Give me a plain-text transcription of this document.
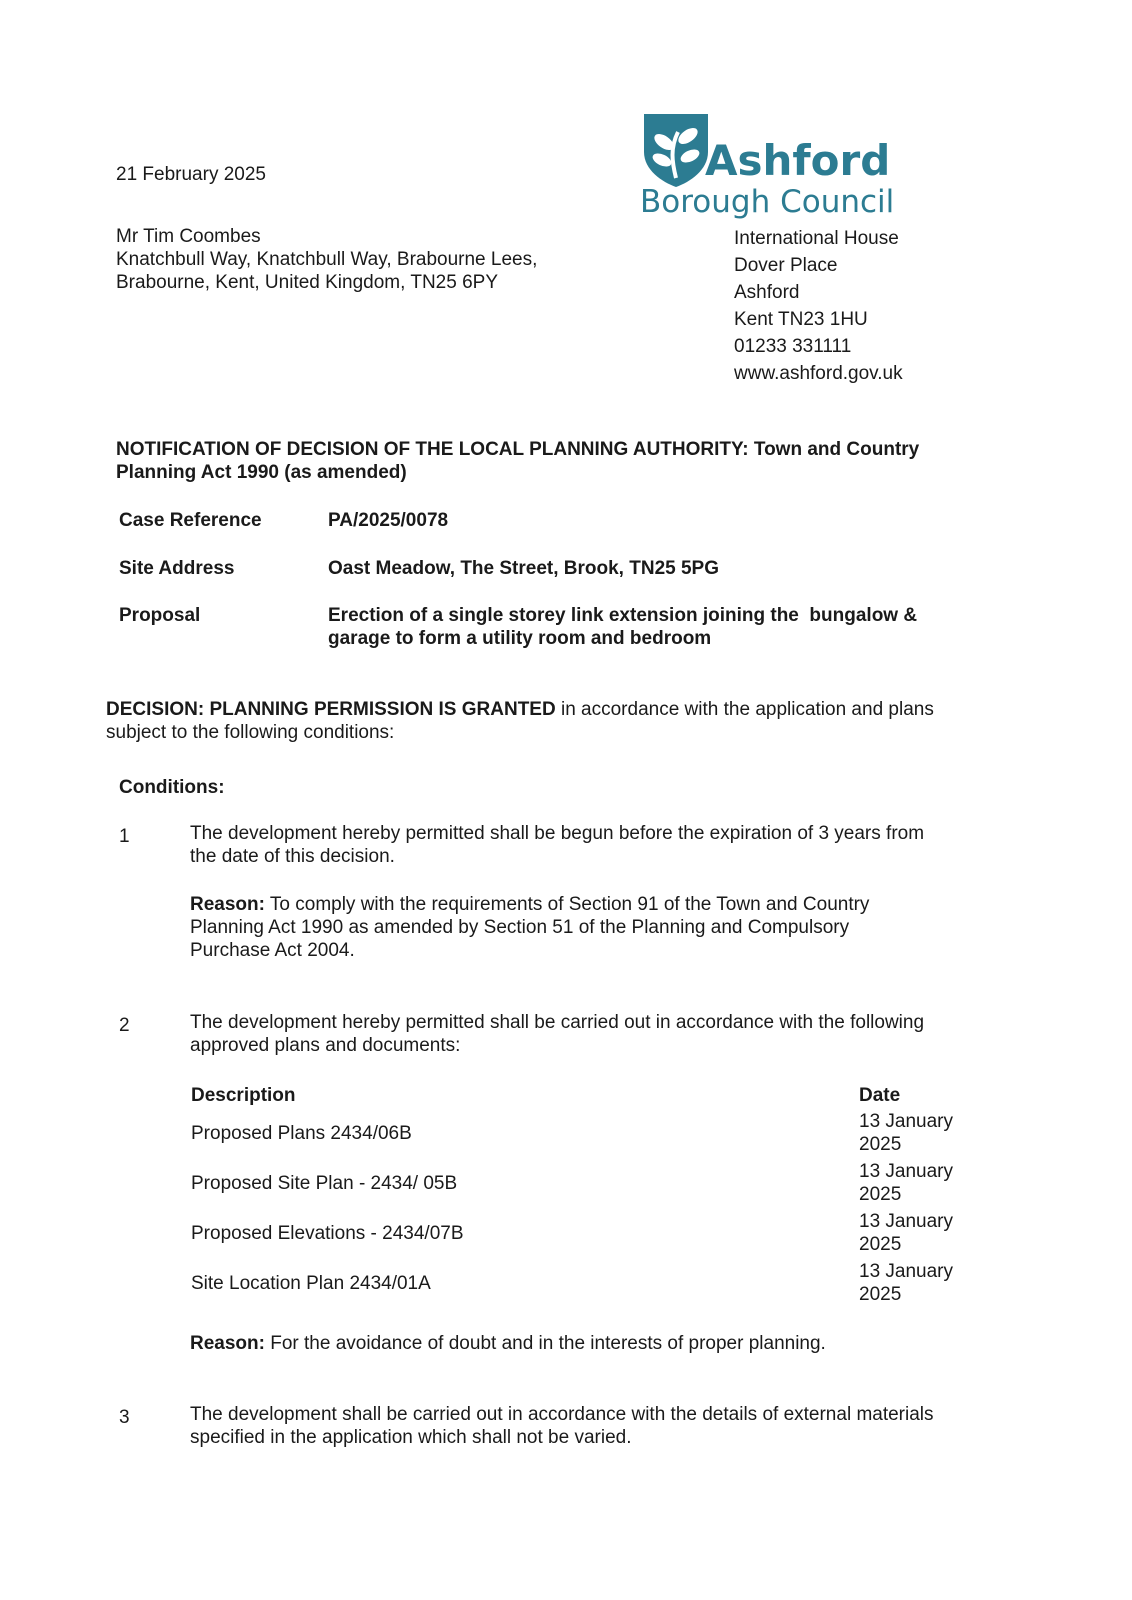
21 February 2025	Ashford
Borough Council
Mr Tim Coombes
Knatchbull Way, Knatchbull Way, Brabourne Lees,
Brabourne, Kent, United Kingdom, TN25 6PY
International House
Dover Place
Ashford
Kent TN23 1HU
01233 331111
www.ashford.gov.uk
NOTIFICATION OF DECISION OF THE LOCAL PLANNING AUTHORITY: Town and Country
Planning Act 1990 (as amended)
Case Reference	PA/2025/0078
Site Address	Oast Meadow, The Street, Brook, TN25 5PG
Proposal	Erection of a single storey link extension joining the  bungalow &
garage to form a utility room and bedroom
DECISION: PLANNING PERMISSION IS GRANTED in accordance with the application and plans
subject to the following conditions:
Conditions:
1	The development hereby permitted shall be begun before the expiration of 3 years from
the date of this decision.
Reason: To comply with the requirements of Section 91 of the Town and Country
Planning Act 1990 as amended by Section 51 of the Planning and Compulsory
Purchase Act 2004.
2	The development hereby permitted shall be carried out in accordance with the following
approved plans and documents:
Description	Date
Proposed Plans 2434/06B
13 January
2025
Proposed Site Plan - 2434/ 05B
13 January
2025
Proposed Elevations - 2434/07B
13 January
2025
Site Location Plan 2434/01A
13 January
2025
Reason: For the avoidance of doubt and in the interests of proper planning.
3	The development shall be carried out in accordance with the details of external materials
specified in the application which shall not be varied.
